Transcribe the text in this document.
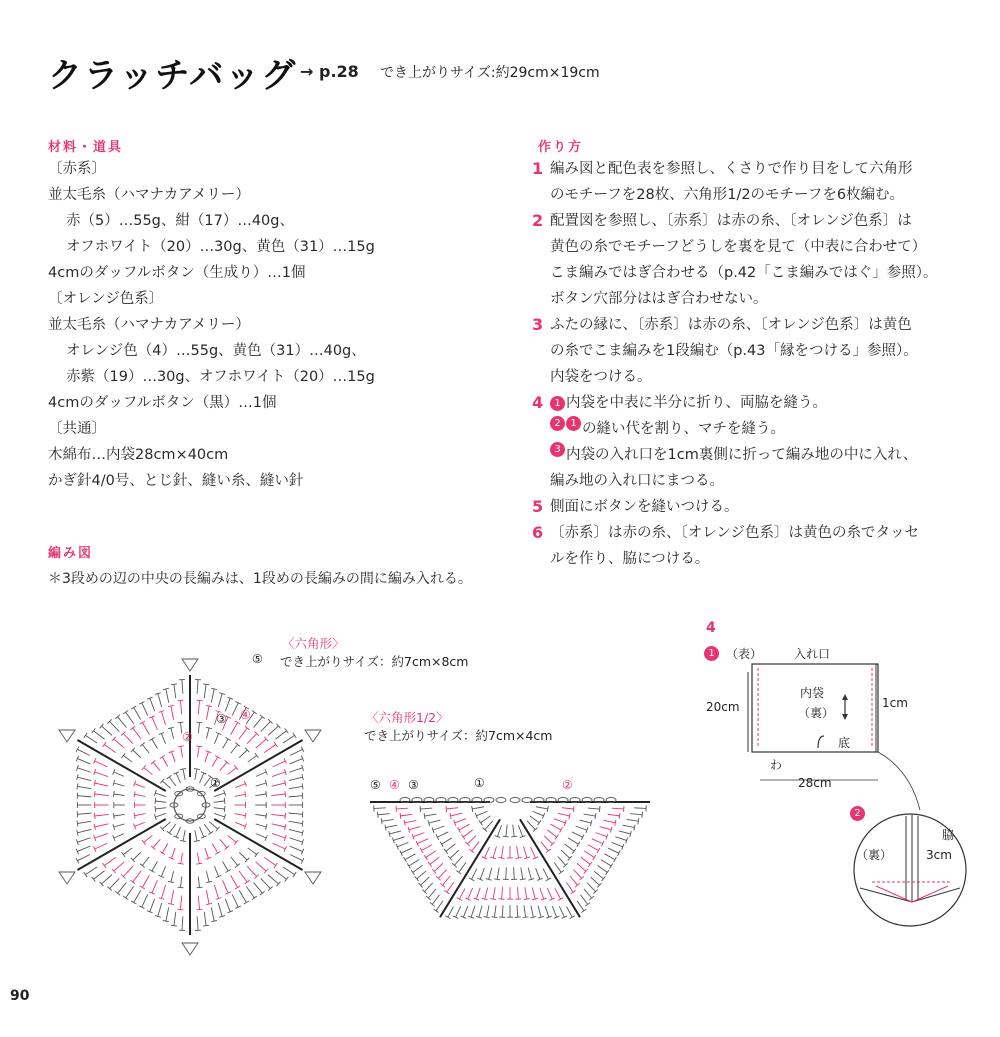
クラッチバッグ → p.28 でき上がりサイズ:約29cm×19cm
材料・道具
〔赤系〕
並太毛糸（ハマナカアメリー）
赤（5）…55g、紺（17）…40g、
オフホワイト（20）…30g、黄色（31）…15g
4cmのダッフルボタン（生成り）…1個
〔オレンジ色系〕
並太毛糸（ハマナカアメリー）
オレンジ色（4）…55g、黄色（31）…40g、
赤紫（19）…30g、オフホワイト（20）…15g
4cmのダッフルボタン（黒）…1個
〔共通〕
木綿布…内袋28cm×40cm
かぎ針4/0号、とじ針、縫い糸、縫い針
作り方
1 編み図と配色表を参照し、くさりで作り目をして六角形
のモチーフを28枚、六角形1/2のモチーフを6枚編む。
2 配置図を参照し、〔赤系〕は赤の糸、〔オレンジ色系〕は
黄色の糸でモチーフどうしを裏を見て（中表に合わせて）
こま編みではぎ合わせる（p.42「こま編みではぐ」参照）。
ボタン穴部分ははぎ合わせない。
3 ふたの縁に、〔赤系〕は赤の糸、〔オレンジ色系〕は黄色
の糸でこま編みを1段編む（p.43「縁をつける」参照）。
内袋をつける。
4	1 内袋を中表に半分に折り、両脇を縫う。
2 1 の縫い代を割り、マチを縫う。
3 内袋の入れ口を1cm裏側に折って編み地の中に入れ、
編み地の入れ口にまつる。
5 側面にボタンを縫いつける。
6 〔赤系〕は赤の糸、〔オレンジ色系〕は黄色の糸でタッセ
ルを作り、脇につける。
編み図
＊3段めの辺の中央の長編みは、1段めの長編みの間に編み入れる。
〈六角形〉
でき上がりサイズ：約7cm×8cm
〈六角形1/2〉
でき上がりサイズ：約7cm×4cm
⑤
④
③
②
①	⑤ ④ ③	①	②
4
1 （表）	入れ口
内袋
（裏）
20cm	1cm
底
わ
28cm
2
（裏）
脇
3cm
90
